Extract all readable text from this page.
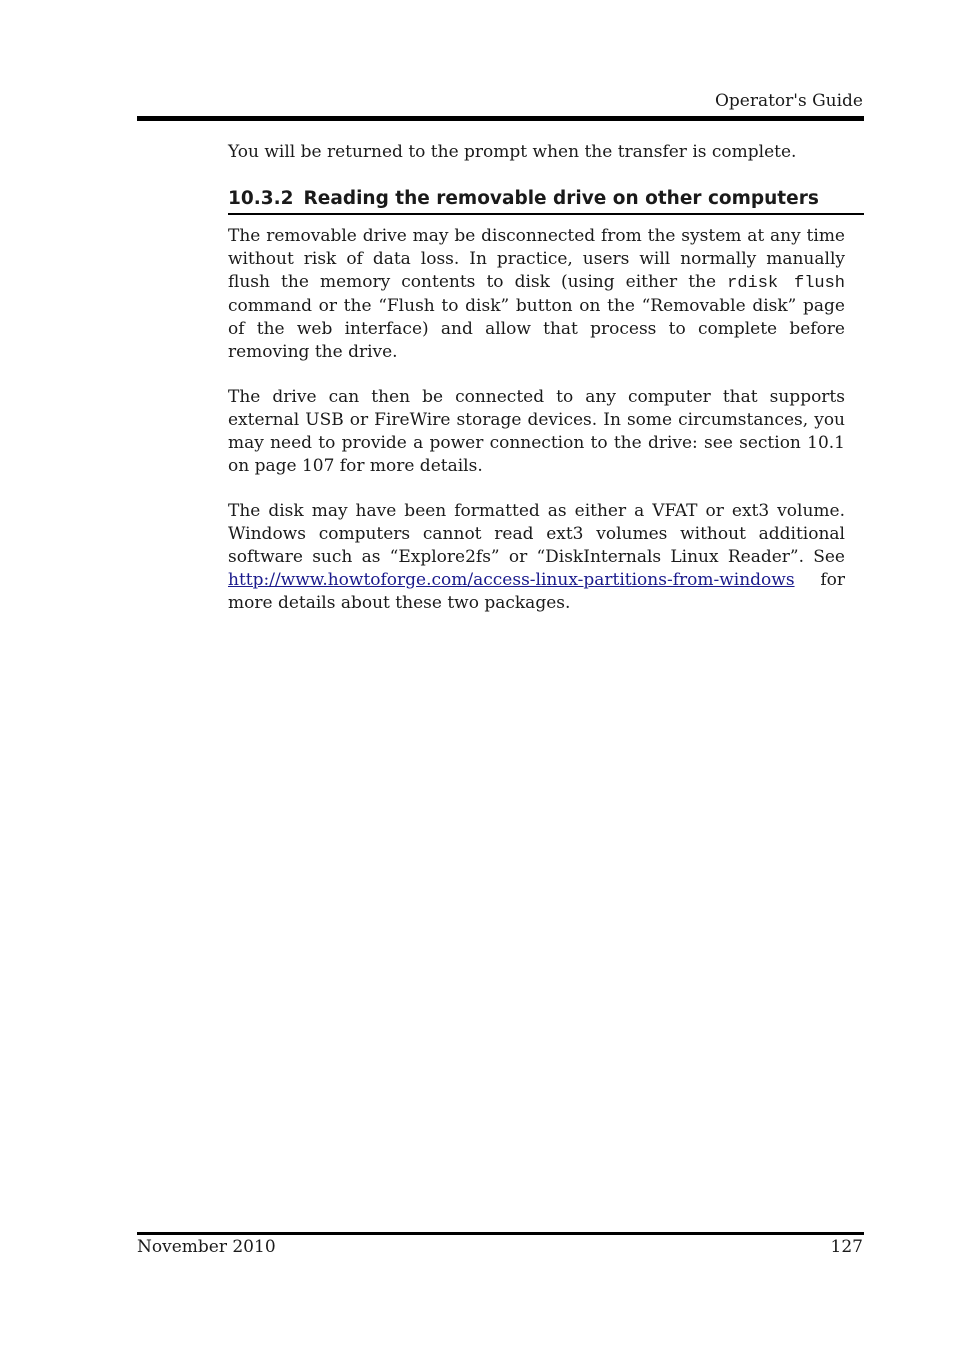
Operator's Guide

You will be returned to the prompt when the transfer is complete.

10.3.2 Reading the removable drive on other computers

The removable drive may be disconnected from the system at any time without risk of data loss. In practice, users will normally manually flush the memory contents to disk (using either the rdisk flush command or the “Flush to disk” button on the “Removable disk” page of the web interface) and allow that process to complete before removing the drive.

The drive can then be connected to any computer that supports external USB or FireWire storage devices. In some circumstances, you may need to provide a power connection to the drive: see section 10.1 on page 107 for more details.

The disk may have been formatted as either a VFAT or ext3 volume. Windows computers cannot read ext3 volumes without additional software such as “Explore2fs” or “DiskInternals Linux Reader”. See http://www.howtoforge.com/access-linux-partitions-from-windows for more details about these two packages.

November 2010	127
